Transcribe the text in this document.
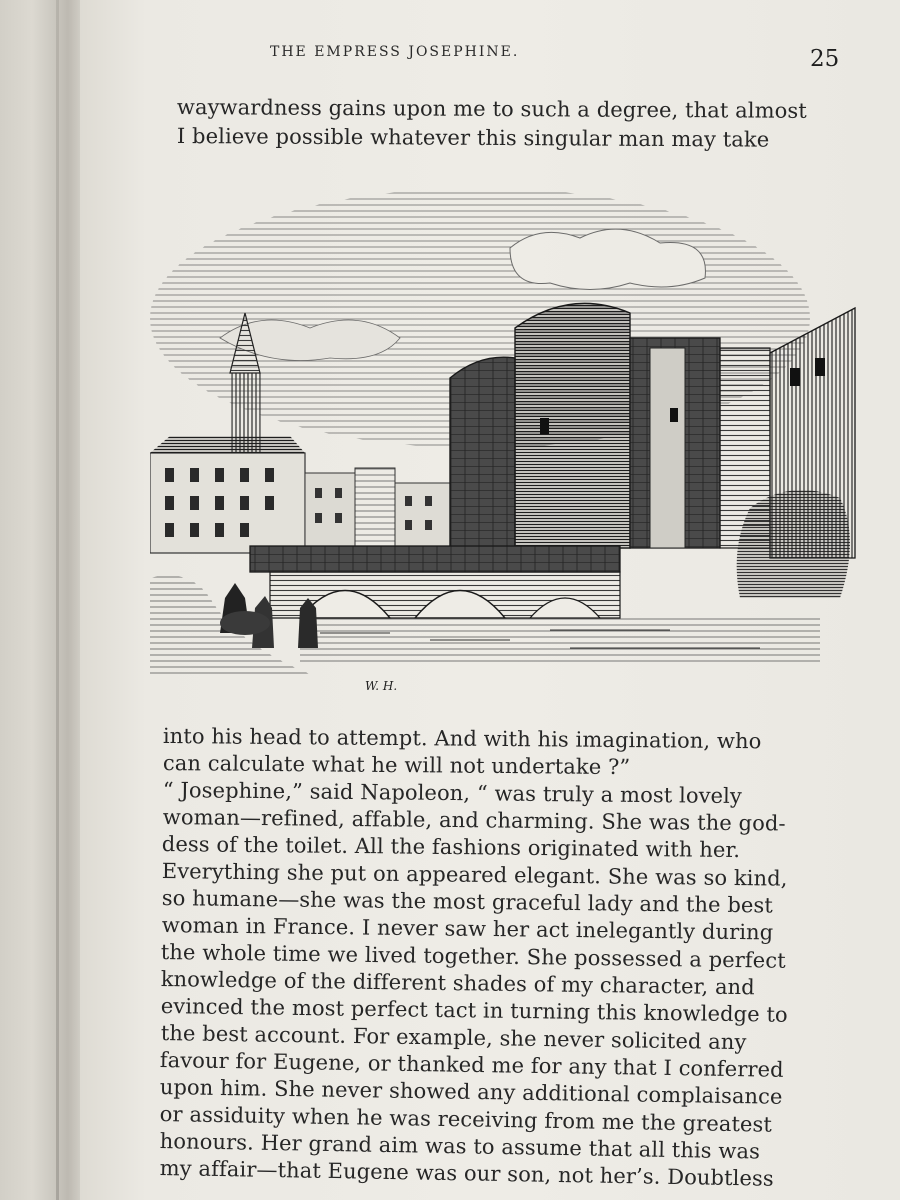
THE EMPRESS JOSEPHINE.	25
waywardness gains upon me to such a degree, that almost
I believe possible whatever this singular man may take
W. H.
into his head to attempt. And with his imagination, who
can calculate what he will not undertake ?”
“ Josephine,” said Napoleon, “ was truly a most lovely
woman—refined, affable, and charming. She was the god-
dess of the toilet. All the fashions originated with her.
Everything she put on appeared elegant. She was so kind,
so humane—she was the most graceful lady and the best
woman in France. I never saw her act inelegantly during
the whole time we lived together. She possessed a perfect
knowledge of the different shades of my character, and
evinced the most perfect tact in turning this knowledge to
the best account. For example, she never solicited any
favour for Eugene, or thanked me for any that I conferred
upon him. She never showed any additional complaisance
or assiduity when he was receiving from me the greatest
honours. Her grand aim was to assume that all this was
my affair—that Eugene was our son, not her’s. Doubtless
